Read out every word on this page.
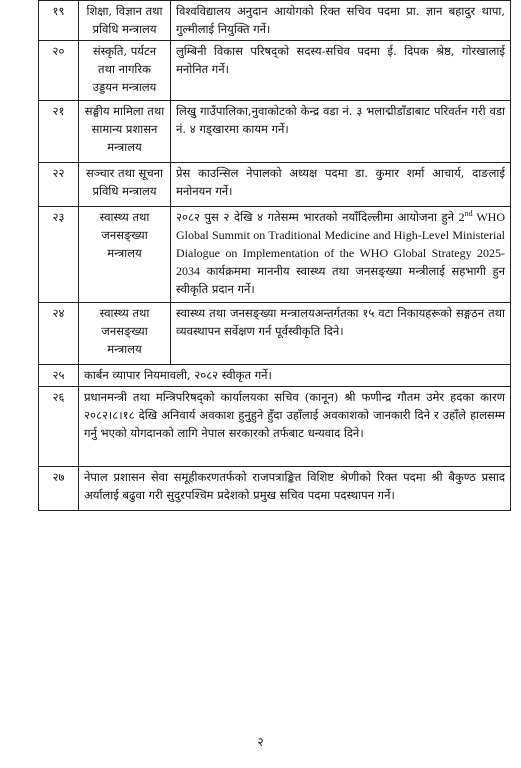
१९	शिक्षा, विज्ञान तथा प्रविधि मन्त्रालय	विश्वविद्यालय अनुदान आयोगको रिक्त सचिव पदमा प्रा. ज्ञान बहादुर थापा, गुल्मीलाई नियुक्ति गर्ने।
२०	संस्कृति, पर्यटन तथा नागरिक उड्डयन मन्त्रालय	लुम्बिनी विकास परिषद्को सदस्य-सचिव पदमा ई. दिपक श्रेष्ठ, गोरखालाई मनोनित गर्ने।
२१	सङ्घीय मामिला तथा सामान्य प्रशासन मन्त्रालय	लिखु गाउँपालिका,नुवाकोटको केन्द्र वडा नं. ३ भलाद्मीडाँडाबाट परिवर्तन गरी वडा नं. ४ गड्खारमा कायम गर्ने।
२२	सञ्चार तथा सूचना प्रविधि मन्त्रालय	प्रेस काउन्सिल नेपालको अध्यक्ष पदमा डा. कुमार शर्मा आचार्य, दाङलाई मनोनयन गर्ने।
२३	स्वास्थ्य तथा जनसङ्ख्या मन्त्रालय	२०८२ पुस २ देखि ४ गतेसम्म भारतको नयाँदिल्लीमा आयोजना हुने 2nd WHO Global Summit on Traditional Medicine and High-Level Ministerial Dialogue on Implementation of the WHO Global Strategy 2025-2034 कार्यक्रममा माननीय स्वास्थ्य तथा जनसङ्ख्या मन्त्रीलाई सहभागी हुन स्वीकृति प्रदान गर्ने।
२४	स्वास्थ्य तथा जनसङ्ख्या मन्त्रालय	स्वास्थ्य तथा जनसङ्ख्या मन्त्रालयअन्तर्गतका १५ वटा निकायहरूको सङ्गठन तथा व्यवस्थापन सर्वेक्षण गर्न पूर्वस्वीकृति दिने।
२५	कार्बन व्यापार नियमावली, २०८२ स्वीकृत गर्ने।	
२६	प्रधानमन्त्री तथा मन्त्रिपरिषद्को कार्यालयका सचिव (कानून) श्री फणीन्द्र गौतम उमेर हदका कारण २०८२।८।१८ देखि अनिवार्य अवकाश हुनुहुने हुँदा उहाँलाई अवकाशको जानकारी दिने र उहाँले हालसम्म गर्नु भएको योगदानको लागि नेपाल सरकारको तर्फबाट धन्यवाद दिने।	
२७	नेपाल प्रशासन सेवा समूहीकरणतर्फको राजपत्राङ्कित विशिष्ट श्रेणीको रिक्त पदमा श्री बैकुण्ठ प्रसाद अर्यालाई बढुवा गरी सुदुरपश्चिम प्रदेशको प्रमुख सचिव पदमा पदस्थापन गर्ने।	
२
